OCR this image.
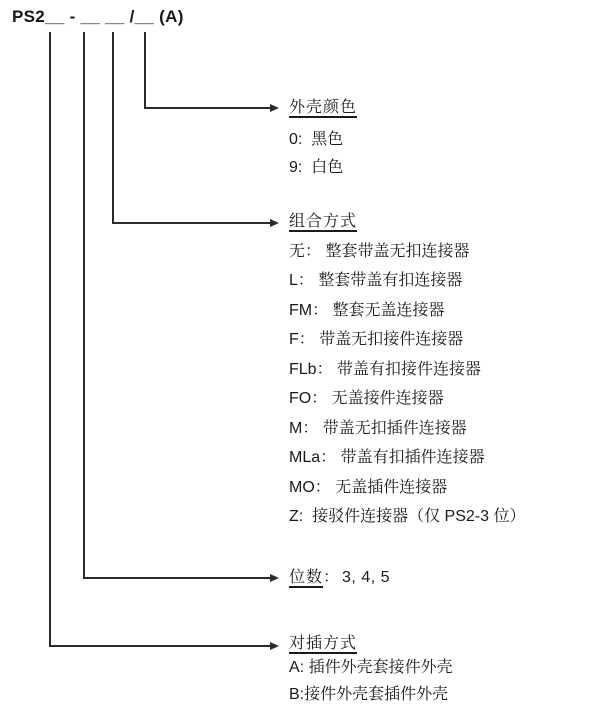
PS2__ - __ __ /__ (A)
外壳颜色
0:  黑色
9:  白色
组合方式
无： 整套带盖无扣连接器
L： 整套带盖有扣连接器
FM： 整套无盖连接器
F： 带盖无扣接件连接器
FLb： 带盖有扣接件连接器
FO： 无盖接件连接器
M： 带盖无扣插件连接器
MLa： 带盖有扣插件连接器
MO： 无盖插件连接器
Z:  接驳件连接器（仅 PS2-3 位）
位数： 3, 4, 5
对插方式
A: 插件外壳套接件外壳
B:接件外壳套插件外壳
